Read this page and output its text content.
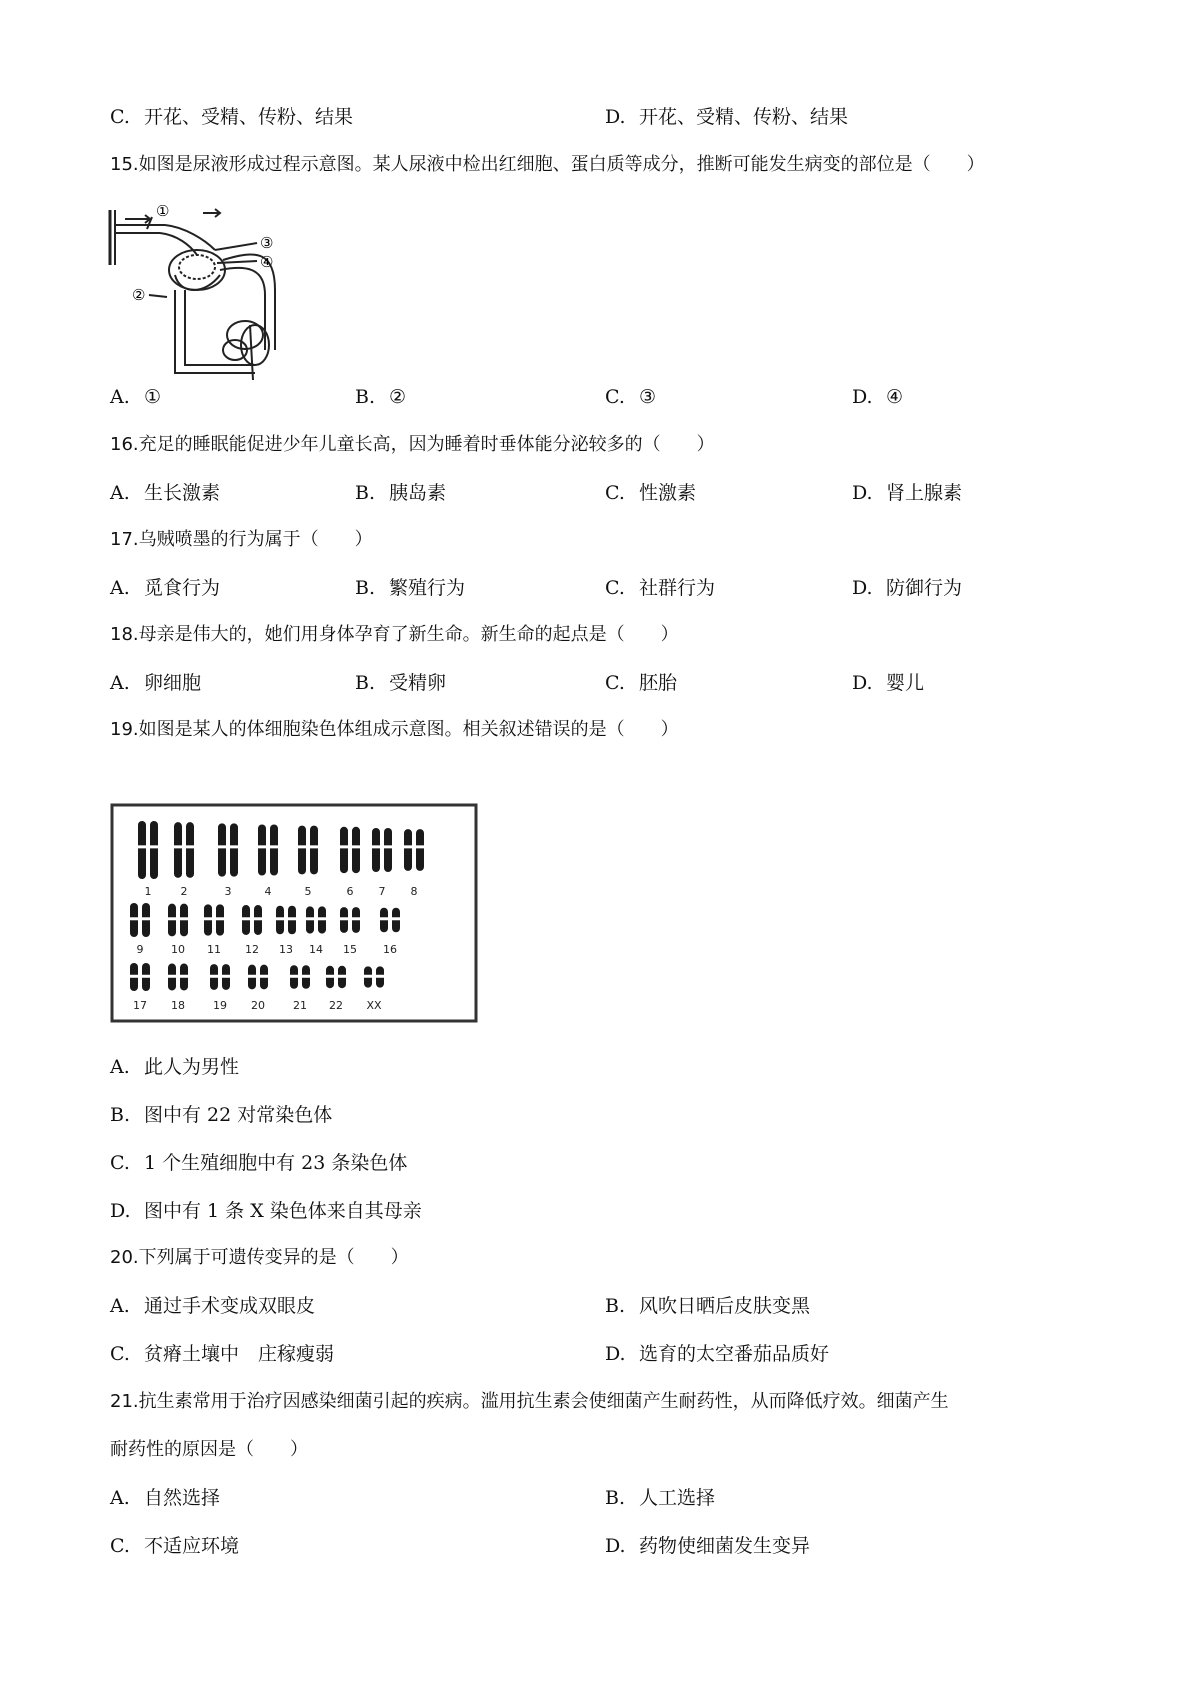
C. 开花、受精、传粉、结果	D. 开花、受精、传粉、结果
15.如图是尿液形成过程示意图。某人尿液中检出红细胞、蛋白质等成分，推断可能发生病变的部位是（　　）
①
②
③
④
A. ①	B. ②	C. ③	D. ④
16.充足的睡眠能促进少年儿童长高，因为睡着时垂体能分泌较多的（　　）
A. 生长激素	B. 胰岛素	C. 性激素	D. 肾上腺素
17.乌贼喷墨的行为属于（　　）
A. 觅食行为	B. 繁殖行为	C. 社群行为	D. 防御行为
18.母亲是伟大的，她们用身体孕育了新生命。新生命的起点是（　　）
A. 卵细胞	B. 受精卵	C. 胚胎	D. 婴儿
19.如图是某人的体细胞染色体组成示意图。相关叙述错误的是（　　）
1	2	3	4	5	6 7 8
9	10 11 12 13 14 15 16
17 18	19 20	21 22 XX
A. 此人为男性
B. 图中有 22 对常染色体
C. 1 个生殖细胞中有 23 条染色体
D. 图中有 1 条 X 染色体来自其母亲
20.下列属于可遗传变异的是（　　）
A. 通过手术变成双眼皮	B. 风吹日晒后皮肤变黑
C. 贫瘠土壤中　庄稼瘦弱	D. 选育的太空番茄品质好
21.抗生素常用于治疗因感染细菌引起的疾病。滥用抗生素会使细菌产生耐药性，从而降低疗效。细菌产生
耐药性的原因是（　　）
A. 自然选择	B. 人工选择
C. 不适应环境	D. 药物使细菌发生变异
